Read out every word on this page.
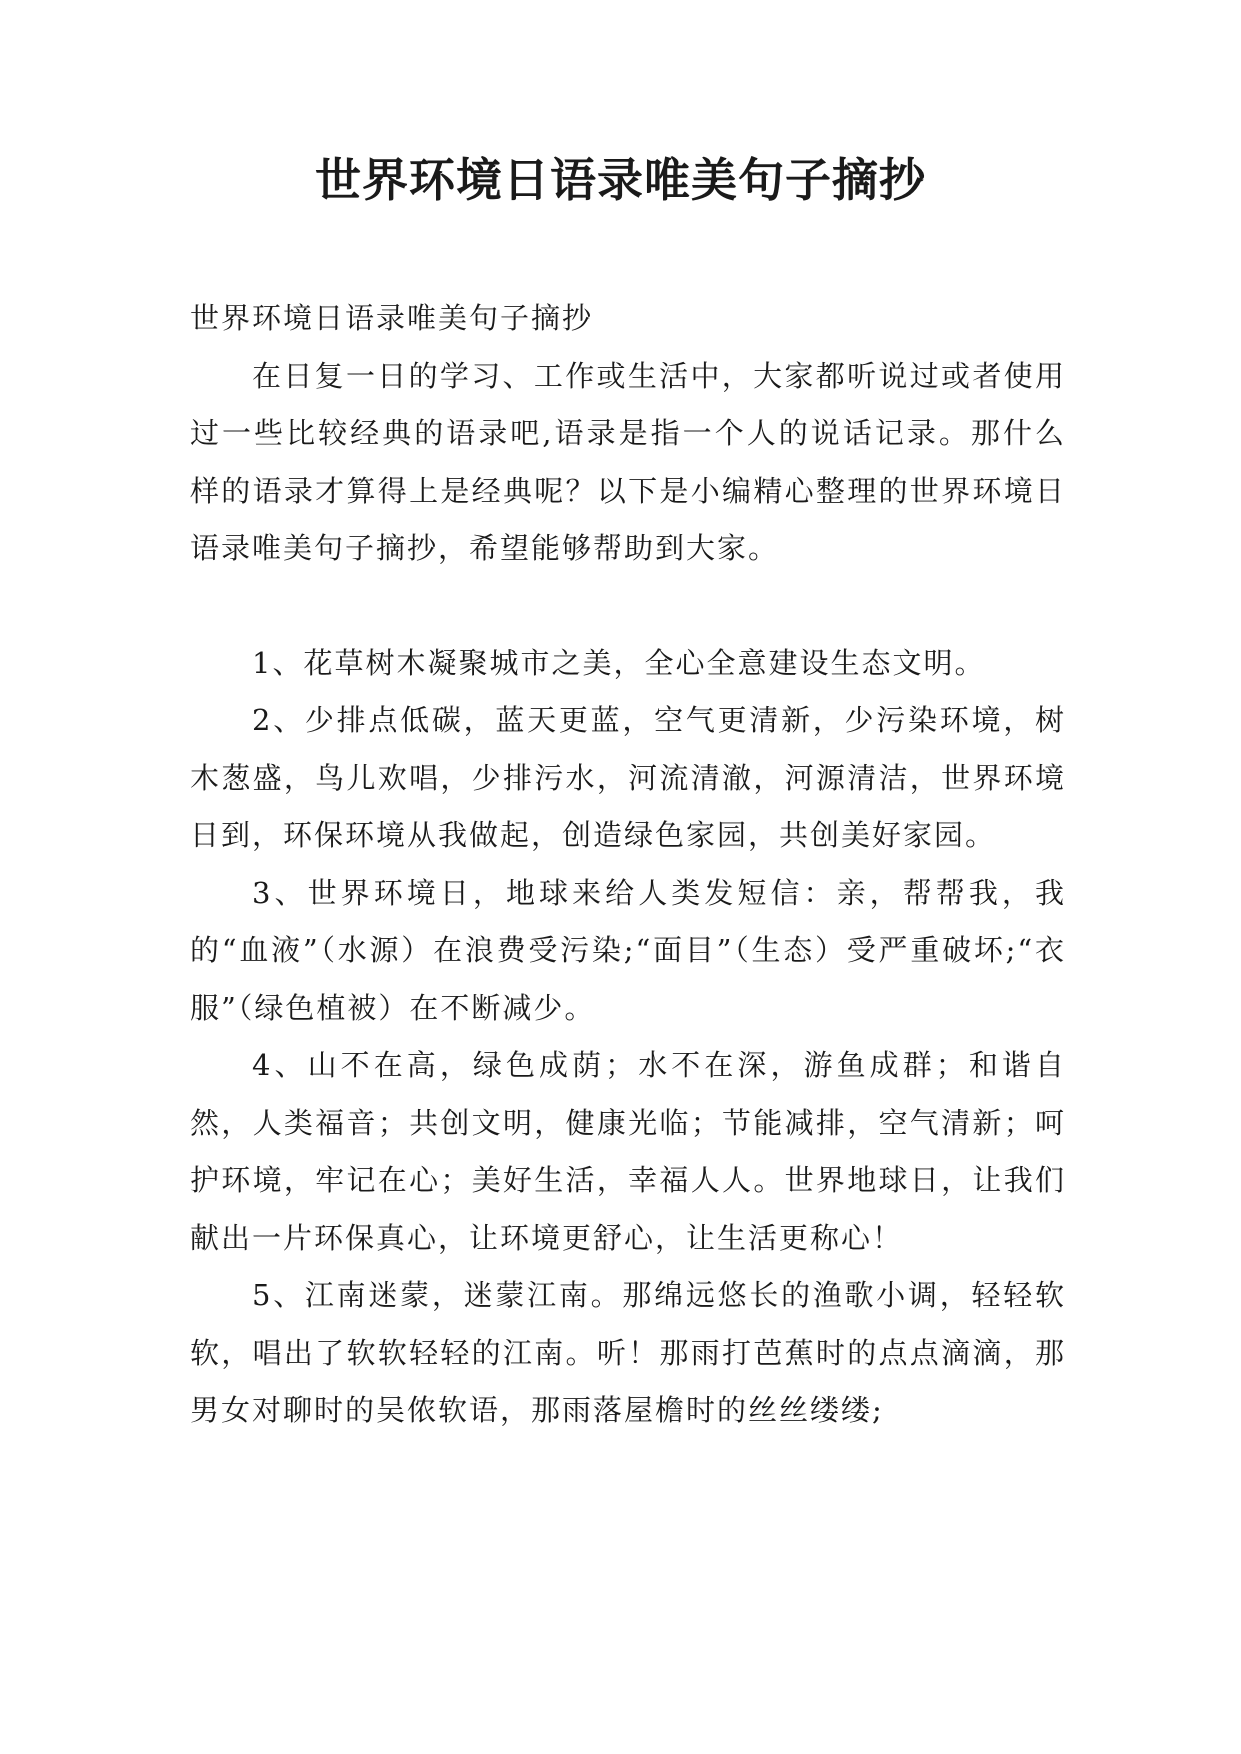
世界环境日语录唯美句子摘抄

世界环境日语录唯美句子摘抄

在日复一日的学习、工作或生活中，大家都听说过或者使用过一些比较经典的语录吧,语录是指一个人的说话记录。那什么样的语录才算得上是经典呢？以下是小编精心整理的世界环境日语录唯美句子摘抄，希望能够帮助到大家。

1、花草树木凝聚城市之美，全心全意建设生态文明。

2、少排点低碳，蓝天更蓝，空气更清新，少污染环境，树木葱盛，鸟儿欢唱，少排污水，河流清澈，河源清洁，世界环境日到，环保环境从我做起，创造绿色家园，共创美好家园。

3、世界环境日，地球来给人类发短信：亲，帮帮我，我的“血液”（水源）在浪费受污染;“面目”（生态）受严重破坏;“衣服”（绿色植被）在不断减少。

4、山不在高，绿色成荫；水不在深，游鱼成群；和谐自然，人类福音；共创文明，健康光临；节能减排，空气清新；呵护环境，牢记在心；美好生活，幸福人人。世界地球日，让我们献出一片环保真心，让环境更舒心，让生活更称心！

5、江南迷蒙，迷蒙江南。那绵远悠长的渔歌小调，轻轻软软，唱出了软软轻轻的江南。听！那雨打芭蕉时的点点滴滴，那男女对聊时的吴侬软语，那雨落屋檐时的丝丝缕缕;
